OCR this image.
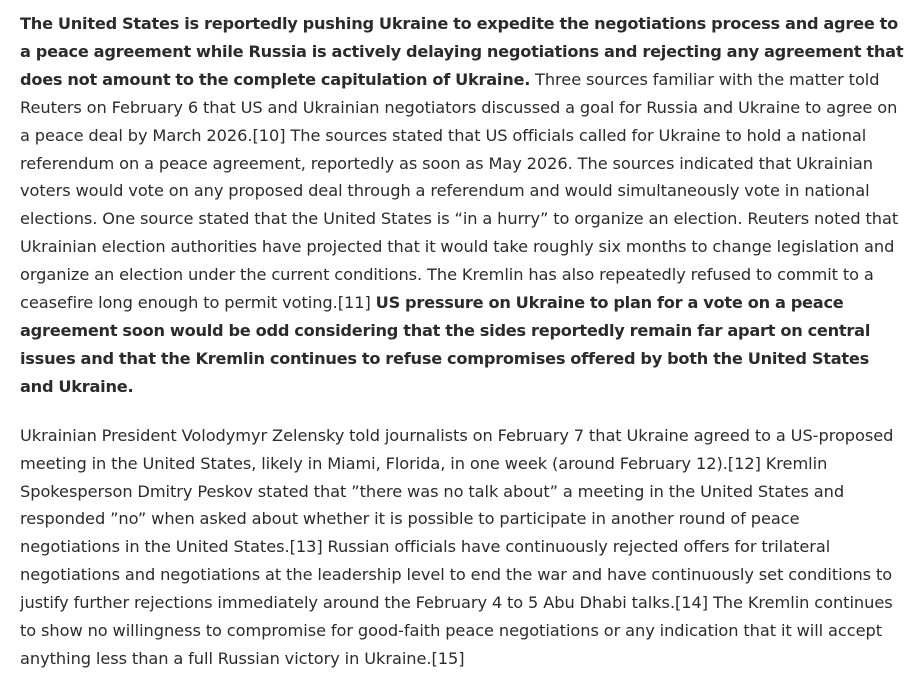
The United States is reportedly pushing Ukraine to expedite the negotiations process and agree to a peace agreement while Russia is actively delaying negotiations and rejecting any agreement that does not amount to the complete capitulation of Ukraine. Three sources familiar with the matter told Reuters on February 6 that US and Ukrainian negotiators discussed a goal for Russia and Ukraine to agree on a peace deal by March 2026.[10] The sources stated that US officials called for Ukraine to hold a national referendum on a peace agreement, reportedly as soon as May 2026. The sources indicated that Ukrainian voters would vote on any proposed deal through a referendum and would simultaneously vote in national elections. One source stated that the United States is “in a hurry” to organize an election. Reuters noted that Ukrainian election authorities have projected that it would take roughly six months to change legislation and organize an election under the current conditions. The Kremlin has also repeatedly refused to commit to a ceasefire long enough to permit voting.[11] US pressure on Ukraine to plan for a vote on a peace agreement soon would be odd considering that the sides reportedly remain far apart on central issues and that the Kremlin continues to refuse compromises offered by both the United States and Ukraine.

Ukrainian President Volodymyr Zelensky told journalists on February 7 that Ukraine agreed to a US-proposed meeting in the United States, likely in Miami, Florida, in one week (around February 12).[12] Kremlin Spokesperson Dmitry Peskov stated that ”there was no talk about” a meeting in the United States and responded ”no” when asked about whether it is possible to participate in another round of peace negotiations in the United States.[13] Russian officials have continuously rejected offers for trilateral negotiations and negotiations at the leadership level to end the war and have continuously set conditions to justify further rejections immediately around the February 4 to 5 Abu Dhabi talks.[14] The Kremlin continues to show no willingness to compromise for good-faith peace negotiations or any indication that it will accept anything less than a full Russian victory in Ukraine.[15]
